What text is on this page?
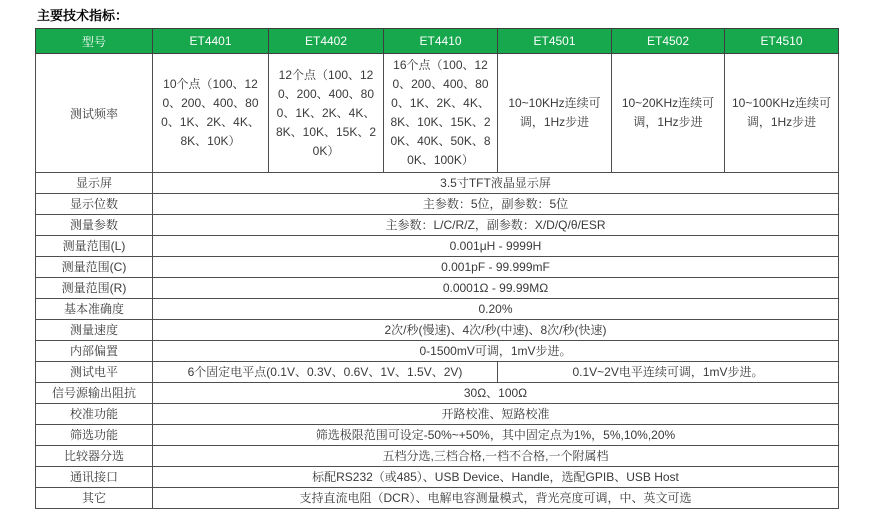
主要技术指标：
型号	ET4401	ET4402	ET4410	ET4501	ET4502	ET4510
测试频率	10个点（100、120、200、400、800、1K、2K、4K、8K、10K）	12个点（100、120、200、400、800、1K、2K、4K、8K、10K、15K、20K）	16个点（100、120、200、400、800、1K、2K、4K、8K、10K、15K、20K、40K、50K、80K、100K）	10~10KHz连续可调，1Hz步进	10~20KHz连续可调，1Hz步进	10~100KHz连续可调，1Hz步进
显示屏	3.5寸TFT液晶显示屏					
显示位数	主参数：5位，副参数：5位					
测量参数	主参数：L/C/R/Z，副参数：X/D/Q/θ/ESR					
测量范围(L)	0.001μH - 9999H					
测量范围(C)	0.001pF - 99.999mF					
测量范围(R)	0.0001Ω - 99.99MΩ					
基本准确度	0.20%					
测量速度	2次/秒(慢速)、4次/秒(中速)、8次/秒(快速)					
内部偏置	0-1500mV可调，1mV步进。					
测试电平	6个固定电平点(0.1V、0.3V、0.6V、1V、1.5V、2V)			0.1V~2V电平连续可调，1mV步进。		
信号源输出阻抗	30Ω、100Ω					
校准功能	开路校准、短路校准					
筛选功能	筛选极限范围可设定-50%~+50%，其中固定点为1%，5%,10%,20%					
比较器分选	五档分选,三档合格,一档不合格,一个附属档					
通讯接口	标配RS232（或485）、USB Device、Handle，选配GPIB、USB Host					
其它	支持直流电阻（DCR）、电解电容测量模式，背光亮度可调，中、英文可选					
